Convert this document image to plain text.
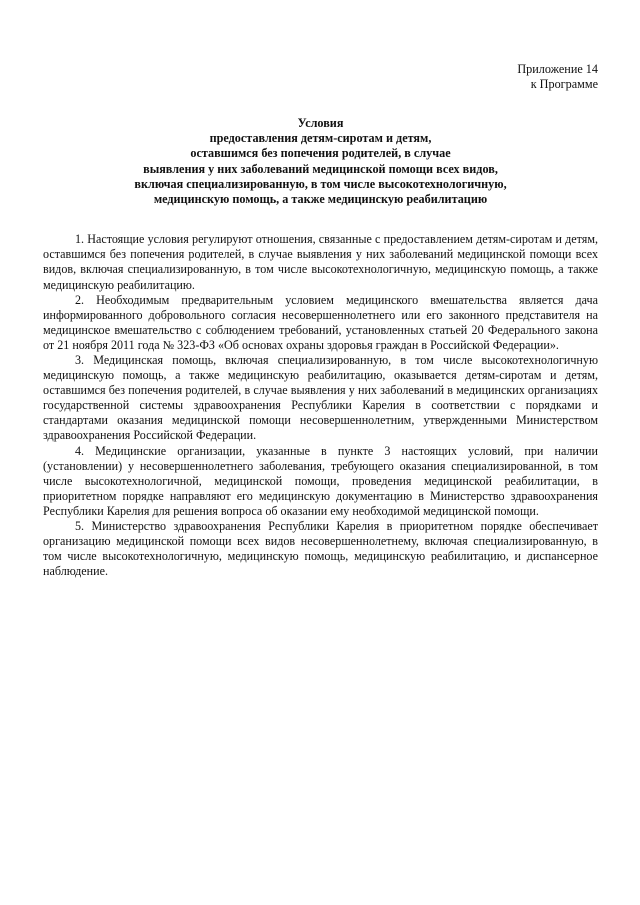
Приложение 14
к Программе
Условия
предоставления детям-сиротам и детям,
оставшимся без попечения родителей, в случае
выявления у них заболеваний медицинской помощи всех видов,
включая специализированную, в том числе высокотехнологичную,
медицинскую помощь, а также медицинскую реабилитацию

1. Настоящие условия регулируют отношения, связанные с предоставлением детям-сиротам и детям, оставшимся без попечения родителей, в случае выявления у них заболеваний медицинской помощи всех видов, включая специализированную, в том числе высокотехнологичную, медицинскую помощь, а также медицинскую реабилитацию.

2. Необходимым предварительным условием медицинского вмешательства является дача информированного добровольного согласия несовершеннолетнего или его законного представителя на медицинское вмешательство с соблюдением требований, установленных статьей 20 Федерального закона от 21 ноября 2011 года № 323-ФЗ «Об основах охраны здоровья граждан в Российской Федерации».

3. Медицинская помощь, включая специализированную, в том числе высокотехнологичную медицинскую помощь, а также медицинскую реабилитацию, оказывается детям-сиротам и детям, оставшимся без попечения родителей, в случае выявления у них заболеваний в медицинских организациях государственной системы здравоохранения Республики Карелия в соответствии с порядками и стандартами оказания медицинской помощи несовершеннолетним, утвержденными Министерством здравоохранения Российской Федерации.

4. Медицинские организации, указанные в пункте 3 настоящих условий, при наличии (установлении) у несовершеннолетнего заболевания, требующего оказания специализированной, в том числе высокотехнологичной, медицинской помощи, проведения медицинской реабилитации, в приоритетном порядке направляют его медицинскую документацию в Министерство здравоохранения Республики Карелия для решения вопроса об оказании ему необходимой медицинской помощи.

5. Министерство здравоохранения Республики Карелия в приоритетном порядке обеспечивает организацию медицинской помощи всех видов несовершеннолетнему, включая специализированную, в том числе высокотехнологичную, медицинскую помощь, медицинскую реабилитацию, и диспансерное наблюдение.
